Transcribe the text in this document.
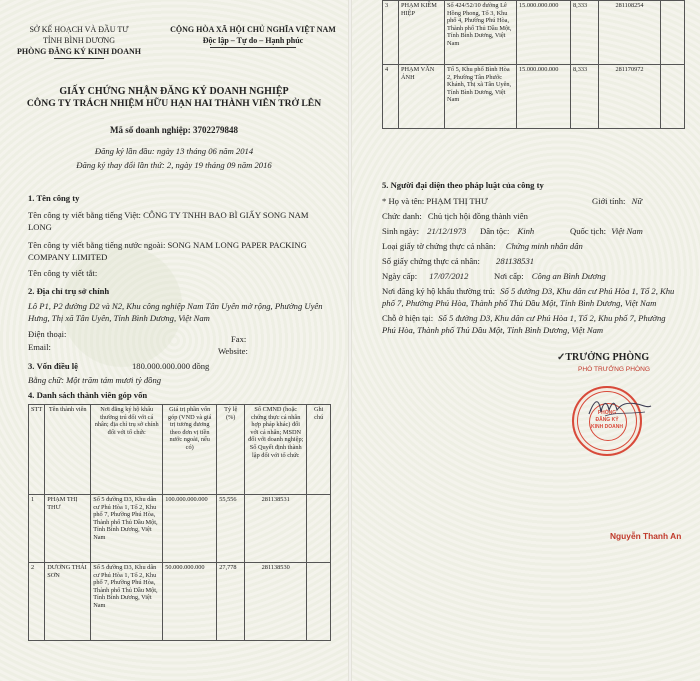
SỞ KẾ HOẠCH VÀ ĐẦU TƯ
TỈNH BÌNH DƯƠNG
PHÒNG ĐĂNG KÝ KINH DOANH
CỘNG HÒA XÃ HỘI CHỦ NGHĨA VIỆT NAM
Độc lập – Tự do – Hạnh phúc
GIẤY CHỨNG NHẬN ĐĂNG KÝ DOANH NGHIỆP
CÔNG TY TRÁCH NHIỆM HỮU HẠN HAI THÀNH VIÊN TRỞ LÊN
Mã số doanh nghiệp: 3702279848
Đăng ký lần đầu: ngày 13 tháng 06 năm 2014
Đăng ký thay đổi lần thứ: 2, ngày 19 tháng 09 năm 2016
1. Tên công ty
Tên công ty viết bằng tiếng Việt: CÔNG TY TNHH BAO BÌ GIẤY SONG NAM
LONG
Tên công ty viết bằng tiếng nước ngoài: SONG NAM LONG PAPER PACKING
COMPANY LIMITED
Tên công ty viết tắt:
2. Địa chỉ trụ sở chính
Lô P1, P2 đường D2 và N2, Khu công nghiệp Nam Tân Uyên mở rộng, Phường Uyên
Hưng, Thị xã Tân Uyên, Tỉnh Bình Dương, Việt Nam
Điện thoại:	Fax:
Email:	Website:
3. Vốn điều lệ	180.000.000.000 đồng
Bằng chữ: Một trăm tám mươi tỷ đồng
4. Danh sách thành viên góp vốn
STT	Tên thành viên	Nơi đăng ký hộ khẩu thường trú đối với cá nhân; địa chỉ trụ sở chính đối với tổ chức	Giá trị phần vốn góp (VND và giá trị tương đương theo đơn vị tiền nước ngoài, nếu có)	Tỷ lệ (%)	Số CMND (hoặc chứng thực cá nhân hợp pháp khác) đối với cá nhân; MSDN đối với doanh nghiệp; Số Quyết định thành lập đối với tổ chức	Ghi chú
1	PHẠM THỊ THƯ	Số 5 đường D3, Khu dân cư Phú Hòa 1, Tổ 2, Khu phố 7, Phường Phú Hòa, Thành phố Thủ Dầu Một, Tỉnh Bình Dương, Việt Nam	100.000.000.000	55,556	281138531	
2	DƯƠNG THÁI SƠN	Số 5 đường D3, Khu dân cư Phú Hòa 1, Tổ 2, Khu phố 7, Phường Phú Hòa, Thành phố Thủ Dầu Một, Tỉnh Bình Dương, Việt Nam	50.000.000.000	27,778	281138530	
3	PHẠM KIỀM HIỆP	Số 424/52/10 đường Lê Hồng Phong, Tổ 3, Khu phố 4, Phường Phú Hòa, Thành phố Thủ Dầu Một, Tỉnh Bình Dương, Việt Nam	15.000.000.000	8,333	281108254	
4	PHẠM VĂN ÁNH	Tổ 5, Khu phố Bình Hòa 2, Phường Tân Phước Khánh, Thị xã Tân Uyên, Tỉnh Bình Dương, Việt Nam	15.000.000.000	8,333	281170972	
5. Người đại diện theo pháp luật của công ty
* Họ và tên: PHẠM THỊ THƯ	Giới tính: Nữ
Chức danh: Chủ tịch hội đồng thành viên
Sinh ngày: 21/12/1973 Dân tộc: Kinh	Quốc tịch: Việt Nam
Loại giấy tờ chứng thực cá nhân: Chứng minh nhân dân
Số giấy chứng thực cá nhân: 281138531
Ngày cấp: 17/07/2012	Nơi cấp: Công an Bình Dương
Nơi đăng ký hộ khẩu thường trú: Số 5 đường D3, Khu dân cư Phú Hòa 1, Tổ 2, Khu
phố 7, Phường Phú Hòa, Thành phố Thủ Dầu Một, Tỉnh Bình Dương, Việt Nam
Chỗ ở hiện tại: Số 5 đường D3, Khu dân cư Phú Hòa 1, Tổ 2, Khu phố 7, Phường
Phú Hòa, Thành phố Thủ Dầu Một, Tỉnh Bình Dương, Việt Nam
✓TRƯỞNG PHÒNG
PHÓ TRƯỞNG PHÒNG
Nguyễn Thanh An
PHÒNG
ĐĂNG KÝ
KINH DOANH
